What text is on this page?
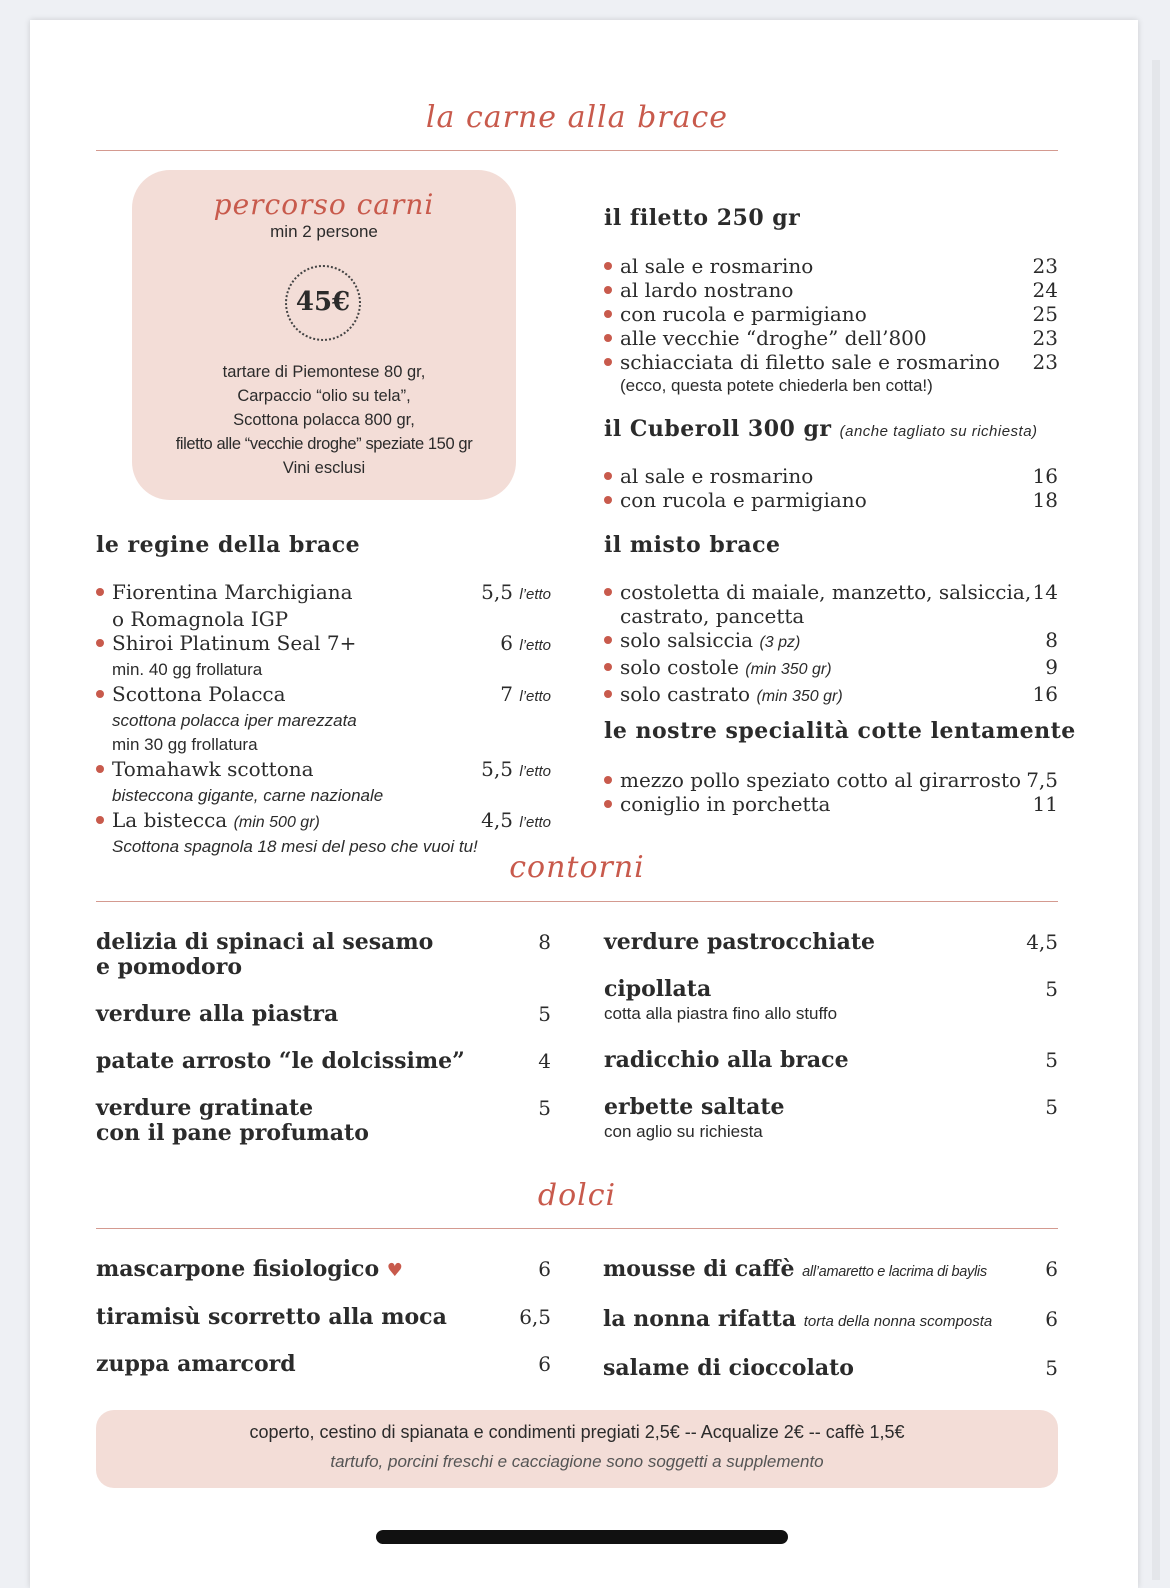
la carne alla brace
percorso carni
min 2 persone
45€
tartare di Piemontese 80 gr,
Carpaccio “olio su tela”,
Scottona polacca 800 gr,
filetto alle “vecchie droghe” speziate 150 gr
Vini esclusi
il filetto 250 gr
al sale e rosmarino	23
al lardo nostrano	24
con rucola e parmigiano	25
alle vecchie “droghe” dell’800	23
schiacciata di filetto sale e rosmarino 23
(ecco, questa potete chiederla ben cotta!)
il Cuberoll 300 gr (anche tagliato su richiesta)
al sale e rosmarino	16
con rucola e parmigiano	18
le regine della brace
Fiorentina Marchigiana	5,5 l’etto
o Romagnola IGP
Shiroi Platinum Seal 7+	6 l’etto
min. 40 gg frollatura
Scottona Polacca	7 l’etto
scottona polacca iper marezzata
min 30 gg frollatura
Tomahawk scottona	5,5 l’etto
bisteccona gigante, carne nazionale
La bistecca (min 500 gr)	4,5 l’etto
Scottona spagnola 18 mesi del peso che vuoi tu!
il misto brace
costoletta di maiale, manzetto, salsiccia, 14
castrato, pancetta
solo salsiccia (3 pz)	8
solo costole (min 350 gr)	9
solo castrato (min 350 gr)	16
le nostre specialità cotte lentamente
mezzo pollo speziato cotto al girarrosto 7,5
coniglio in porchetta	11
contorni
delizia di spinaci al sesamo	8
e pomodoro
verdure alla piastra	5
patate arrosto “le dolcissime”	4
verdure gratinate	5
con il pane profumato
verdure pastrocchiate	4,5
cipollata	5
cotta alla piastra fino allo stuffo
radicchio alla brace	5
erbette saltate	5
con aglio su richiesta
dolci
mascarpone fisiologico ♥	6
tiramisù scorretto alla moca	6,5
zuppa amarcord	6
mousse di caffè all’amaretto e lacrima di baylis	6
la nonna rifatta torta della nonna scomposta	6
salame di cioccolato	5
coperto, cestino di spianata e condimenti pregiati 2,5€ -- Acqualize 2€ -- caffè 1,5€
tartufo, porcini freschi e cacciagione sono soggetti a supplemento
